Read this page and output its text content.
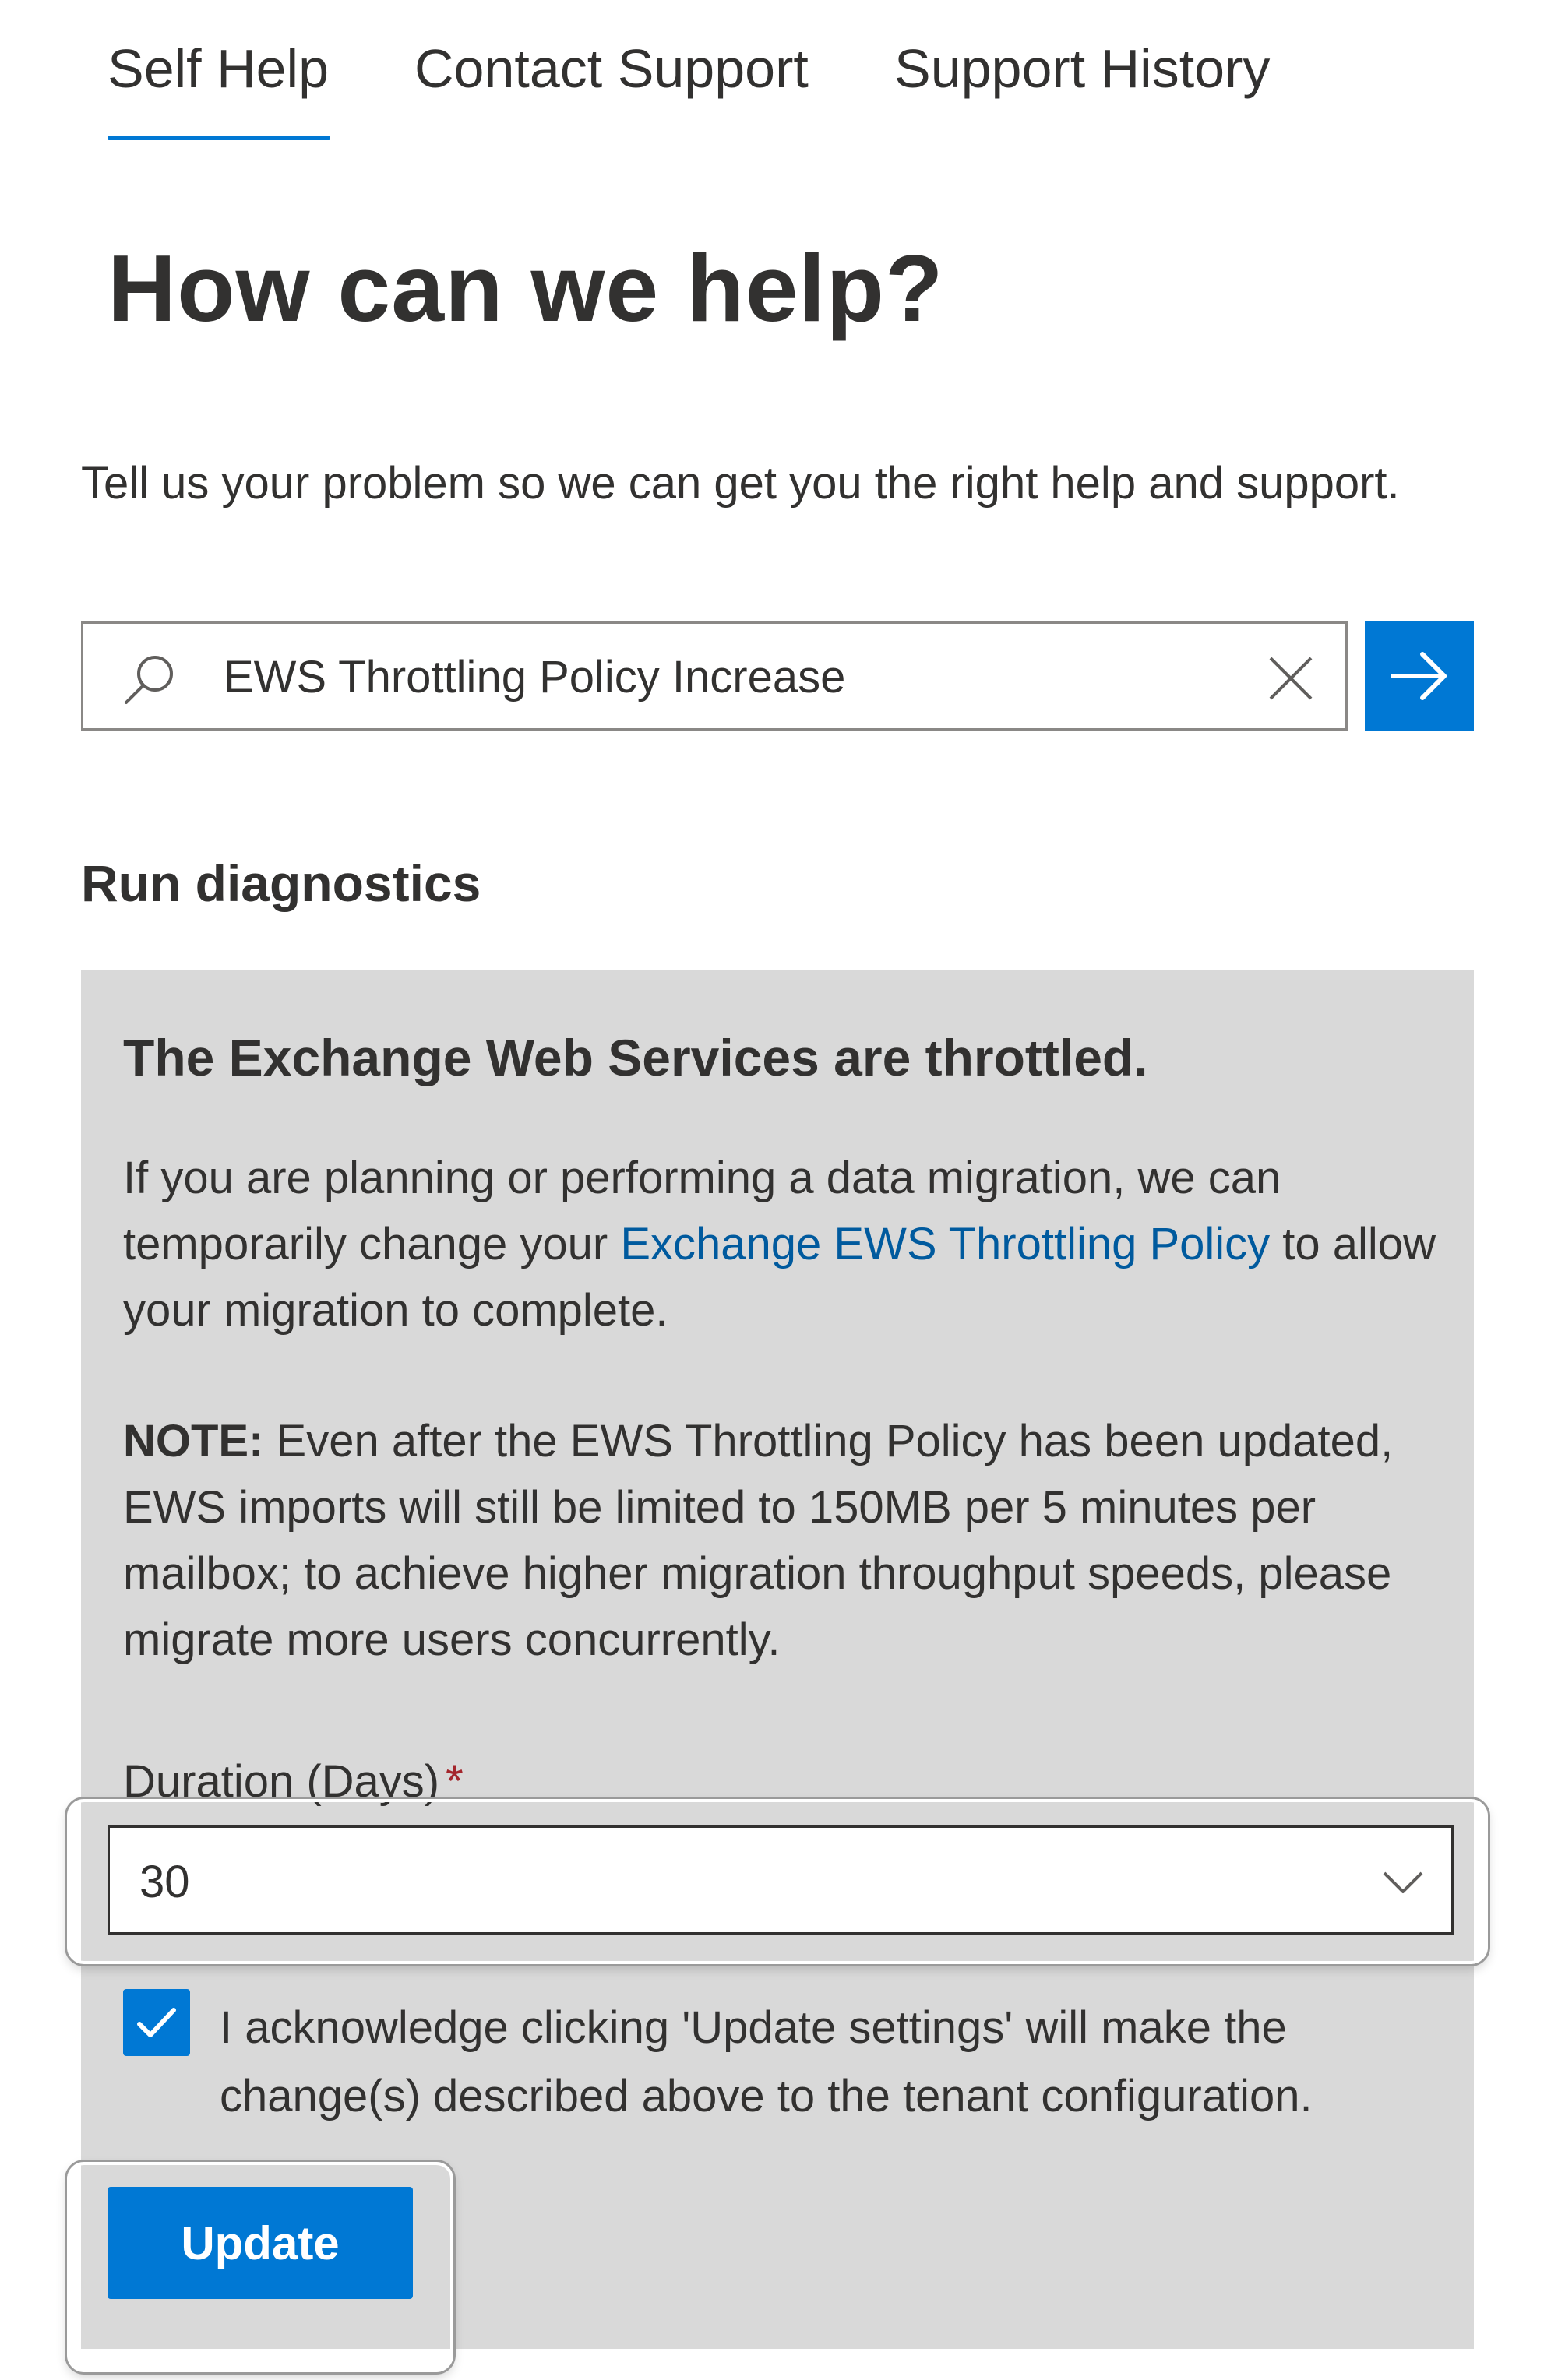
Self Help Contact Support Support History
How can we help?

Tell us your problem so we can get you the right help and support.

EWS Throttling Policy Increase
Run diagnostics
The Exchange Web Services are throttled.

If you are planning or performing a data migration, we can temporarily change your Exchange EWS Throttling Policy to allow your migration to complete.

NOTE: Even after the EWS Throttling Policy has been updated, EWS imports will still be limited to 150MB per 5 minutes per mailbox; to achieve higher migration throughput speeds, please migrate more users concurrently.

Duration (Days) *
30

I acknowledge clicking 'Update settings' will make the change(s) described above to the tenant configuration.

Update
